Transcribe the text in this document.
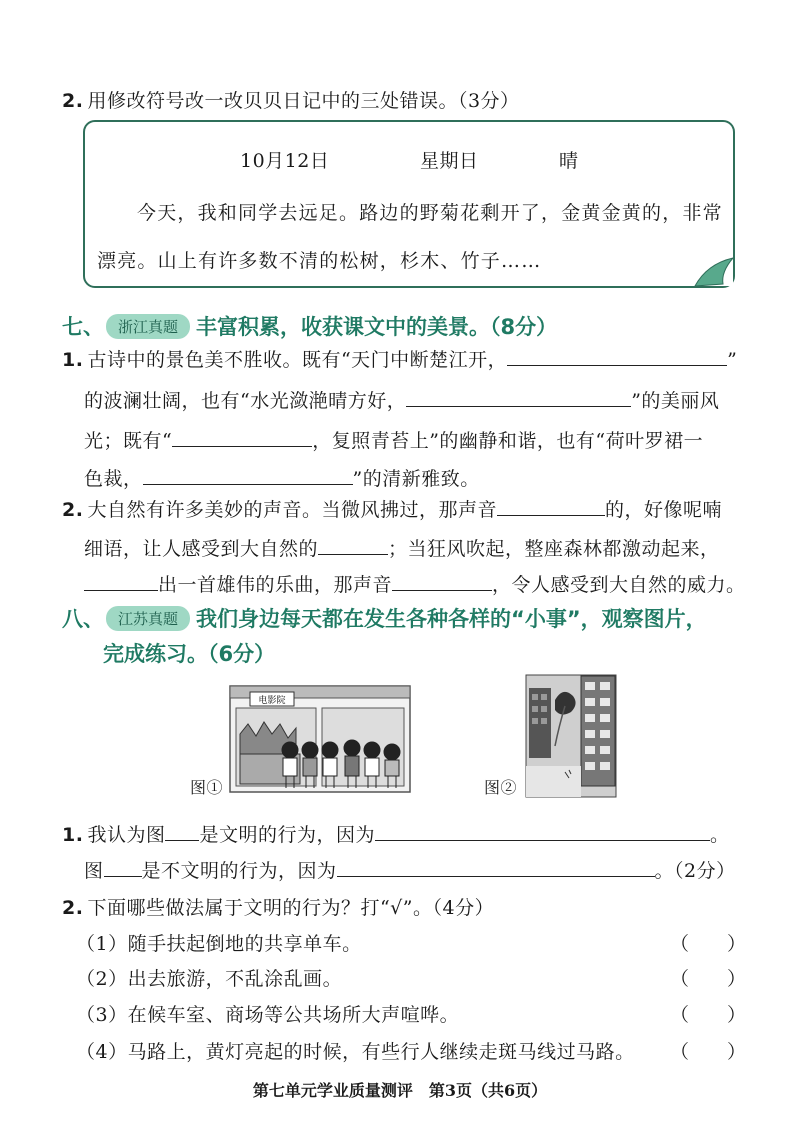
2. 用修改符号改一改贝贝日记中的三处错误。（3分）
10月12日	星期日	晴
今天，我和同学去远足。路边的野菊花剩开了，金黄金黄的，非常
漂亮。山上有许多数不清的松树，杉木、竹子……
七、 浙江真题 丰富积累，收获课文中的美景。（8分）
1. 古诗中的景色美不胜收。既有“天门中断楚江开，	”
的波澜壮阔，也有“水光潋滟晴方好，	”的美丽风
光；既有“	，复照青苔上”的幽静和谐，也有“荷叶罗裙一
色裁，	”的清新雅致。
2. 大自然有许多美妙的声音。当微风拂过，那声音	的，好像呢喃
细语，让人感受到大自然的	；当狂风吹起，整座森林都激动起来，
出一首雄伟的乐曲，那声音	，令人感受到大自然的威力。
八、 江苏真题 我们身边每天都在发生各种各样的“小事”，观察图片，
完成练习。（6分）
图①
电影院
图②
1. 我认为图 是文明的行为，因为	。
图 是不文明的行为，因为	。（2分）
2. 下面哪些做法属于文明的行为？打“√”。（4分）
（1）随手扶起倒地的共享单车。	（　　）
（2）出去旅游，不乱涂乱画。	（　　）
（3）在候车室、商场等公共场所大声喧哗。	（　　）
（4）马路上，黄灯亮起的时候，有些行人继续走斑马线过马路。 （　　）
第七单元学业质量测评　第3页（共6页）
